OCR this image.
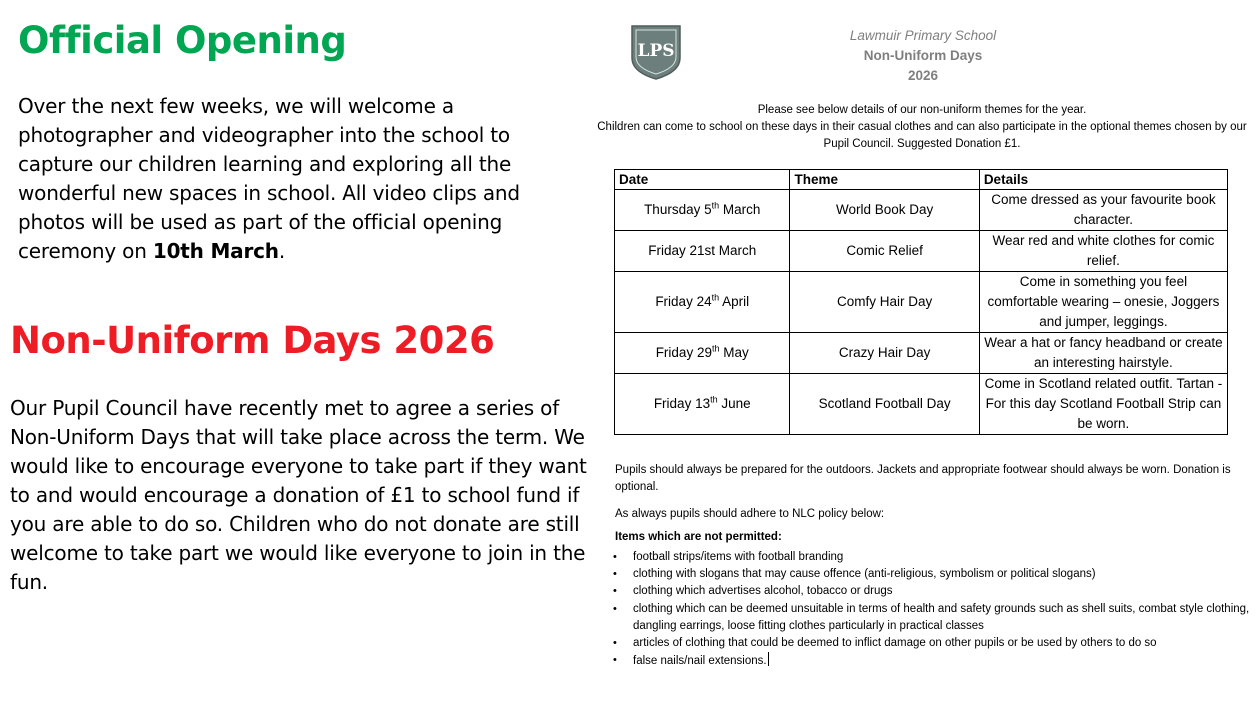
Official Opening

Over the next few weeks, we will welcome a photographer and videographer into the school to capture our children learning and exploring all the wonderful new spaces in school. All video clips and photos will be used as part of the official opening ceremony on 10th March.

Non-Uniform Days 2026

Our Pupil Council have recently met to agree a series of Non-Uniform Days that will take place across the term. We would like to encourage everyone to take part if they want to and would encourage a donation of £1 to school fund if you are able to do so. Children who do not donate are still welcome to take part we would like everyone to join in the fun.

LPS
Lawmuir Primary School
Non-Uniform Days
2026
Please see below details of our non-uniform themes for the year.
Children can come to school on these days in their casual clothes and can also participate in the optional themes chosen by our Pupil Council. Suggested Donation £1.
Date	Theme	Details
Thursday 5th March	World Book Day	Come dressed as your favourite book character.
Friday 21st March	Comic Relief	Wear red and white clothes for comic relief.
Friday 24th April	Comfy Hair Day	Come in something you feel comfortable wearing – onesie, Joggers and jumper, leggings.
Friday 29th May	Crazy Hair Day	Wear a hat or fancy headband or create an interesting hairstyle.
Friday 13th June	Scotland Football Day	Come in Scotland related outfit. Tartan - For this day Scotland Football Strip can be worn.
Pupils should always be prepared for the outdoors. Jackets and appropriate footwear should always be worn. Donation is optional.
As always pupils should adhere to NLC policy below:
Items which are not permitted:
• football strips/items with football branding
• clothing with slogans that may cause offence (anti-religious, symbolism or political slogans)
• clothing which advertises alcohol, tobacco or drugs
• clothing which can be deemed unsuitable in terms of health and safety grounds such as shell suits, combat style clothing, dangling earrings, loose fitting clothes particularly in practical classes
• articles of clothing that could be deemed to inflict damage on other pupils or be used by others to do so
• false nails/nail extensions.
